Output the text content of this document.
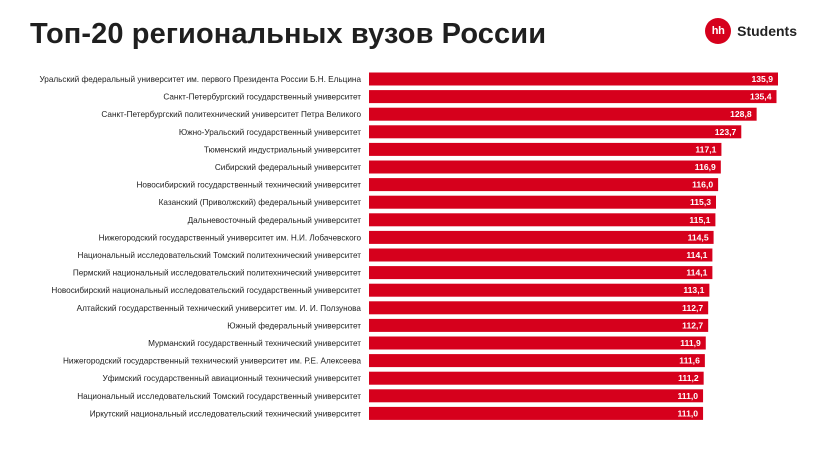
Топ-20 региональных вузов России	hh Students
Уральский федеральный университет им. первого Президента России Б.Н. Ельцина	135,9
Санкт-Петербургский государственный университет	135,4
Санкт-Петербургский политехнический университет Петра Великого	128,8
Южно-Уральский государственный университет	123,7
Тюменский индустриальный университет	117,1
Сибирский федеральный университет	116,9
Новосибирский государственный технический университет	116,0
Казанский (Приволжский) федеральный университет	115,3
Дальневосточный федеральный университет	115,1
Нижегородский государственный университет им. Н.И. Лобачевского	114,5
Национальный исследовательский Томский политехнический университет	114,1
Пермский национальный исследовательский политехнический университет	114,1
Новосибирский национальный исследовательский государственный университет	113,1
Алтайский государственный технический университет им. И. И. Ползунова	112,7
Южный федеральный университет	112,7
Мурманский государственный технический университет	111,9
Нижегородский государственный технический университет им. Р.Е. Алексеева	111,6
Уфимский государственный авиационный технический университет	111,2
Национальный исследовательский Томский государственный университет	111,0
Иркутский национальный исследовательский технический университет	111,0
